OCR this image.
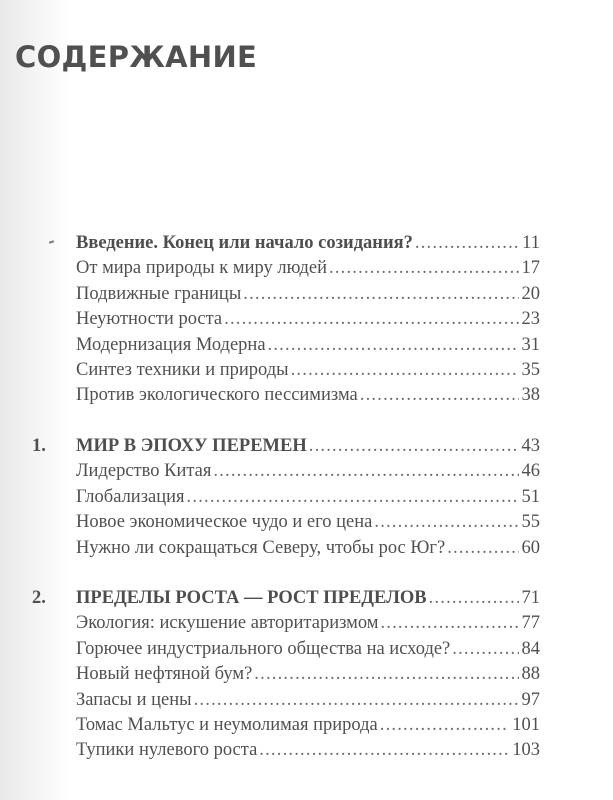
СОДЕРЖАНИЕ
Введение. Конец или начало созидания? .....	11
От мира природы к миру людей .....	17
Подвижные границы .....	20
Неуютности роста .....	23
Модернизация Модерна .....	31
Синтез техники и природы .....	35
Против экологического пессимизма .....	38
1. МИР В ЭПОХУ ПЕРЕМЕН .....	43
Лидерство Китая .....	46
Глобализация .....	51
Новое экономическое чудо и его цена .....	55
Нужно ли сокращаться Северу, чтобы рос Юг? .....	60
2. ПРЕДЕЛЫ РОСТА — РОСТ ПРЕДЕЛОВ .....	71
Экология: искушение авторитаризмом .....	77
Горючее индустриального общества на исходе? .....	84
Новый нефтяной бум? .....	88
Запасы и цены .....	97
Томас Мальтус и неумолимая природа .....	101
Тупики нулевого роста .....	103
